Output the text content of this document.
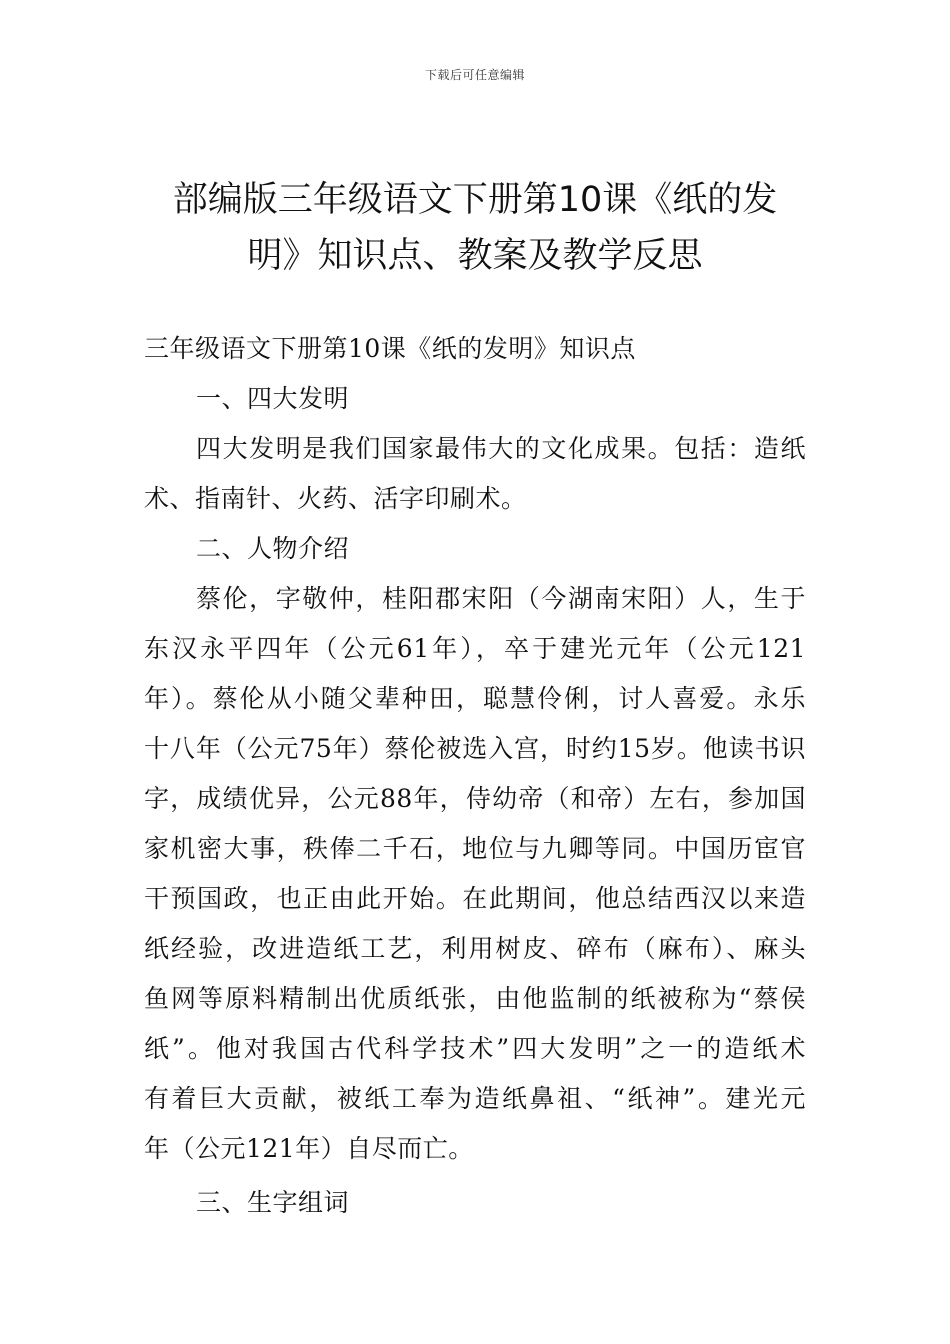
下载后可任意编辑
部编版三年级语文下册第10课《纸的发
明》知识点、教案及教学反思
三年级语文下册第10课《纸的发明》知识点
一、四大发明
四大发明是我们国家最伟大的文化成果。包括：造纸
术、指南针、火药、活字印刷术。
二、人物介绍
蔡伦，字敬仲，桂阳郡宋阳（今湖南宋阳）人，生于
东汉永平四年（公元61年），卒于建光元年（公元121
年）。蔡伦从小随父辈种田，聪慧伶俐，讨人喜爱。永乐
十八年（公元75年）蔡伦被选入宫，时约15岁。他读书识
字，成绩优异，公元88年，侍幼帝（和帝）左右，参加国
家机密大事，秩俸二千石，地位与九卿等同。中国历宦官
干预国政，也正由此开始。在此期间，他总结西汉以来造
纸经验，改进造纸工艺，利用树皮、碎布（麻布）、麻头
鱼网等原料精制出优质纸张，由他监制的纸被称为“蔡侯
纸”。他对我国古代科学技术”四大发明”之一的造纸术
有着巨大贡献，被纸工奉为造纸鼻祖、“纸神”。建光元
年（公元121年）自尽而亡。
三、生字组词
